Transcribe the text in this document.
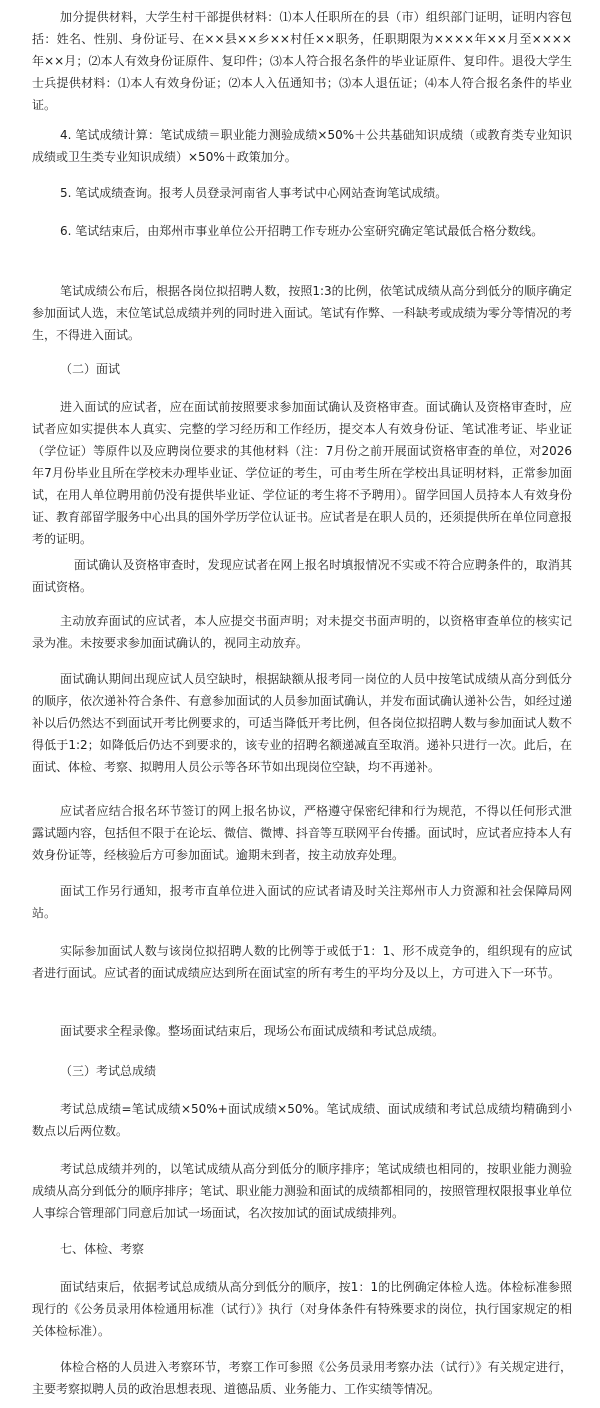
加分提供材料，大学生村干部提供材料：⑴本人任职所在的县（市）组织部门证明，证明内容包括：姓名、性别、身份证号、在××县××乡××村任××职务，任职期限为××××年××月至××××年××月；⑵本人有效身份证原件、复印件；⑶本人符合报名条件的毕业证原件、复印件。退役大学生士兵提供材料：⑴本人有效身份证；⑵本人入伍通知书；⑶本人退伍证；⑷本人符合报名条件的毕业证。

4. 笔试成绩计算：笔试成绩＝职业能力测验成绩×50%＋公共基础知识成绩（或教育类专业知识成绩或卫生类专业知识成绩）×50%＋政策加分。

5. 笔试成绩查询。报考人员登录河南省人事考试中心网站查询笔试成绩。

6. 笔试结束后，由郑州市事业单位公开招聘工作专班办公室研究确定笔试最低合格分数线。

笔试成绩公布后，根据各岗位拟招聘人数，按照1:3的比例，依笔试成绩从高分到低分的顺序确定参加面试人选，末位笔试总成绩并列的同时进入面试。笔试有作弊、一科缺考或成绩为零分等情况的考生，不得进入面试。

（二）面试

进入面试的应试者，应在面试前按照要求参加面试确认及资格审查。面试确认及资格审查时，应试者应如实提供本人真实、完整的学习经历和工作经历，提交本人有效身份证、笔试准考证、毕业证（学位证）等原件以及应聘岗位要求的其他材料（注：7月份之前开展面试资格审查的单位，对2026年7月份毕业且所在学校未办理毕业证、学位证的考生，可由考生所在学校出具证明材料，正常参加面试，在用人单位聘用前仍没有提供毕业证、学位证的考生将不予聘用）。留学回国人员持本人有效身份证、教育部留学服务中心出具的国外学历学位认证书。应试者是在职人员的，还须提供所在单位同意报考的证明。

面试确认及资格审查时，发现应试者在网上报名时填报情况不实或不符合应聘条件的，取消其面试资格。

主动放弃面试的应试者，本人应提交书面声明；对未提交书面声明的，以资格审查单位的核实记录为准。未按要求参加面试确认的，视同主动放弃。

面试确认期间出现应试人员空缺时，根据缺额从报考同一岗位的人员中按笔试成绩从高分到低分的顺序，依次递补符合条件、有意参加面试的人员参加面试确认，并发布面试确认递补公告，如经过递补以后仍然达不到面试开考比例要求的，可适当降低开考比例，但各岗位拟招聘人数与参加面试人数不得低于1:2；如降低后仍达不到要求的，该专业的招聘名额递减直至取消。递补只进行一次。此后，在面试、体检、考察、拟聘用人员公示等各环节如出现岗位空缺，均不再递补。

应试者应结合报名环节签订的网上报名协议，严格遵守保密纪律和行为规范，不得以任何形式泄露试题内容，包括但不限于在论坛、微信、微博、抖音等互联网平台传播。面试时，应试者应持本人有效身份证等，经核验后方可参加面试。逾期未到者，按主动放弃处理。

面试工作另行通知，报考市直单位进入面试的应试者请及时关注郑州市人力资源和社会保障局网站。

实际参加面试人数与该岗位拟招聘人数的比例等于或低于1：1、形不成竞争的，组织现有的应试者进行面试。应试者的面试成绩应达到所在面试室的所有考生的平均分及以上，方可进入下一环节。

面试要求全程录像。整场面试结束后，现场公布面试成绩和考试总成绩。

（三）考试总成绩

考试总成绩=笔试成绩×50%+面试成绩×50%。笔试成绩、面试成绩和考试总成绩均精确到小数点以后两位数。

考试总成绩并列的，以笔试成绩从高分到低分的顺序排序；笔试成绩也相同的，按职业能力测验成绩从高分到低分的顺序排序；笔试、职业能力测验和面试的成绩都相同的，按照管理权限报事业单位人事综合管理部门同意后加试一场面试，名次按加试的面试成绩排列。

七、体检、考察

面试结束后，依据考试总成绩从高分到低分的顺序，按1：1的比例确定体检人选。体检标准参照现行的《公务员录用体检通用标准（试行）》执行（对身体条件有特殊要求的岗位，执行国家规定的相关体检标准）。

体检合格的人员进入考察环节，考察工作可参照《公务员录用考察办法（试行）》有关规定进行，主要考察拟聘人员的政治思想表现、道德品质、业务能力、工作实绩等情况。
